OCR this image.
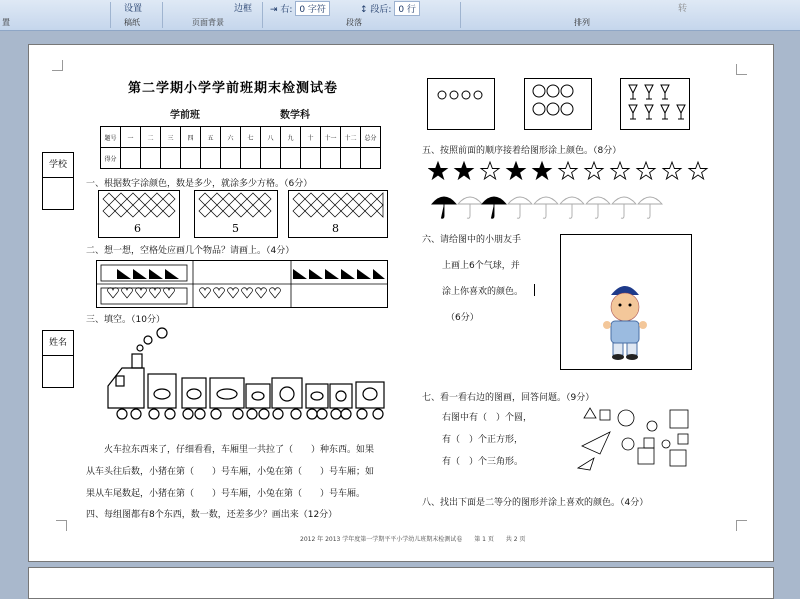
置
设置
稿纸
边框
页面背景
⇥ 右: 0 字符	↕ 段后: 0 行
段落
转
排列
学校
姓名
第二学期小学学前班期末检测试卷
学前班	数学科
题号	一	二	三	四	五	六	七	八	九	十	十一	十二	总分
得分													
一、根据数字涂颜色，数是多少，就涂多少方格。（6分）
6	5	8
二、想一想，空格处应画几个物品？请画上。（4分）
三、填空。（10分）
火车拉东西来了，仔细看看，车厢里一共拉了（　　）种东西。如果
从车头往后数，小猪在第（　　）号车厢，小兔在第（　　）号车厢；如
果从车尾数起，小猪在第（　　）号车厢，小兔在第（　　）号车厢。
四、每组图都有8个东西，数一数，还差多少？画出来（12分）
五、按照前面的顺序接着给图形涂上颜色。（8分）
六、请给图中的小朋友手
上画上6个气球，并
涂上你喜欢的颜色。
（6分）
七、看一看右边的图画，回答问题。（9分）
右图中有（　）个圆，
有（　）个正方形，
有（　）个三角形。
八、找出下面是二等分的图形并涂上喜欢的颜色。（4分）
2012 年 2013 学年度第一学期平平小学幼儿班期末检测试卷　　第 1 页　　共 2 页
